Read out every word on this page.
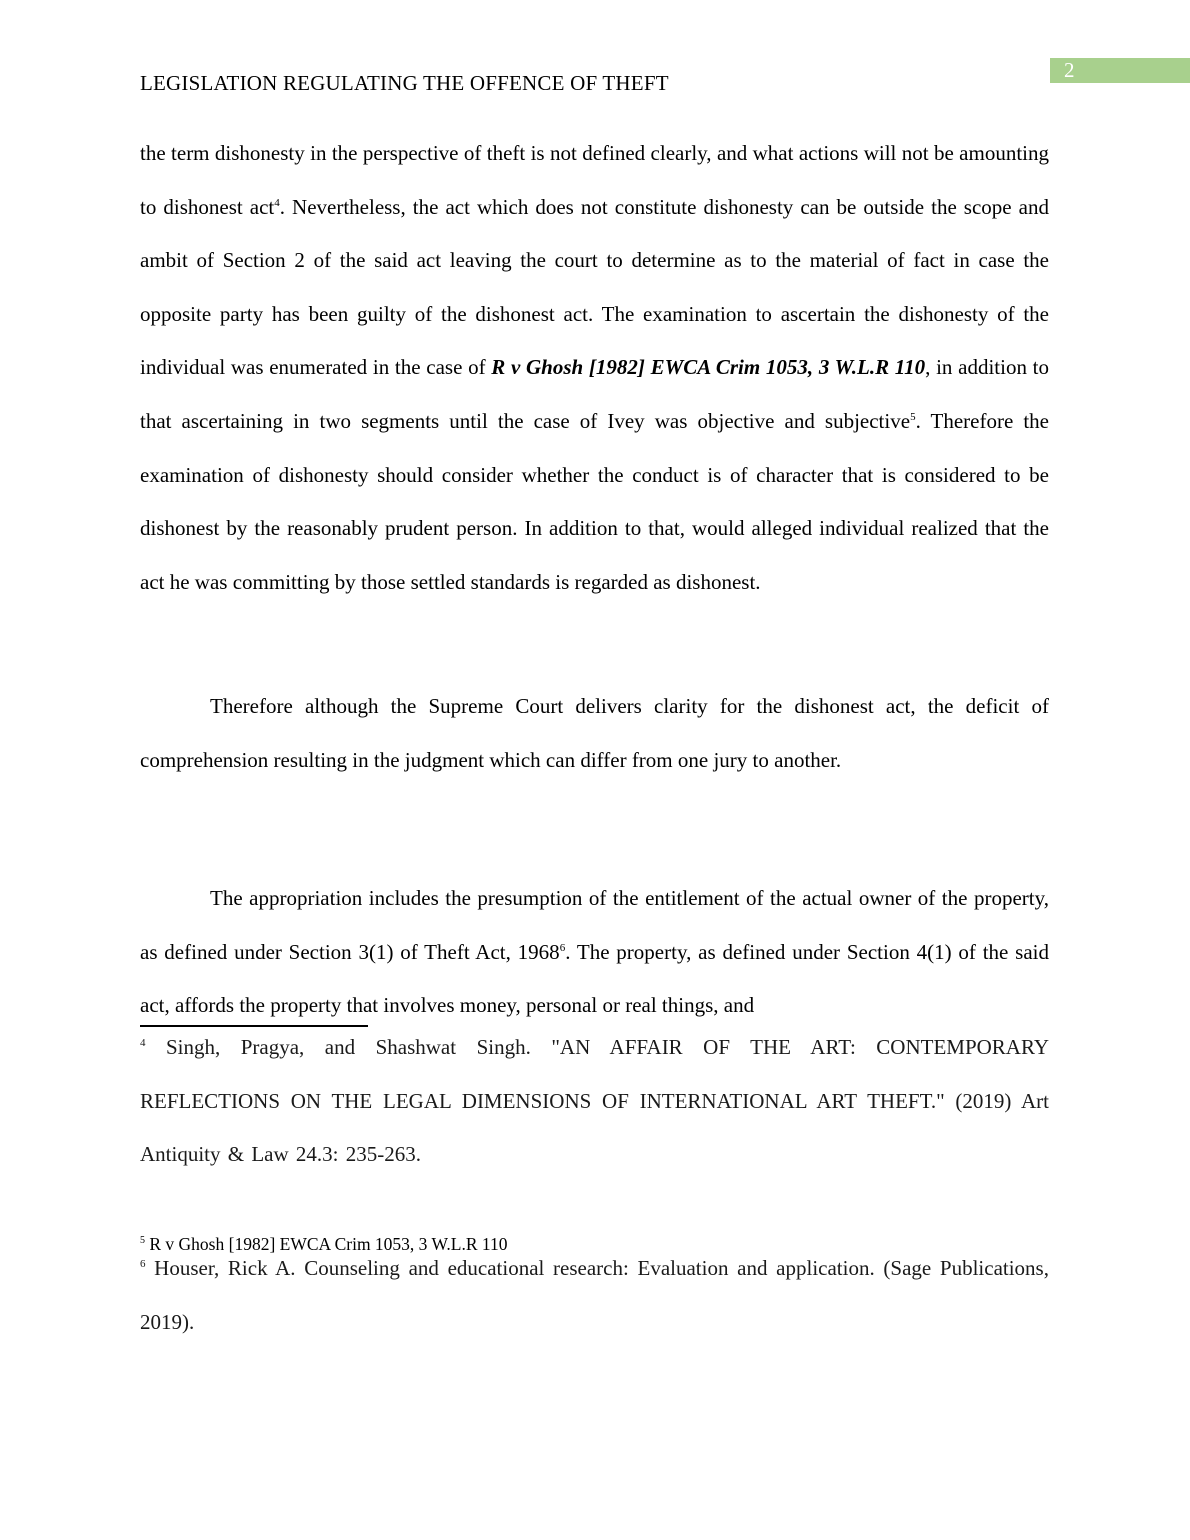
LEGISLATION REGULATING THE OFFENCE OF THEFT
2

the term dishonesty in the perspective of theft is not defined clearly, and what actions will not be amounting to dishonest act$^4$. Nevertheless, the act which does not constitute dishonesty can be outside the scope and ambit of Section 2 of the said act leaving the court to determine as to the material of fact in case the opposite party has been guilty of the dishonest act. The examination to ascertain the dishonesty of the individual was enumerated in the case of R v Ghosh [1982] EWCA Crim 1053, 3 W.L.R 110, in addition to that ascertaining in two segments until the case of Ivey was objective and subjective$^5$. Therefore the examination of dishonesty should consider whether the conduct is of character that is considered to be dishonest by the reasonably prudent person. In addition to that, would alleged individual realized that the act he was committing by those settled standards is regarded as dishonest.

Therefore although the Supreme Court delivers clarity for the dishonest act, the deficit of comprehension resulting in the judgment which can differ from one jury to another.

The appropriation includes the presumption of the entitlement of the actual owner of the property, as defined under Section 3(1) of Theft Act, 1968$^6$. The property, as defined under Section 4(1) of the said act, affords the property that involves money, personal or real things, and

$^4$ Singh, Pragya, and Shashwat Singh. "AN AFFAIR OF THE ART: CONTEMPORARY REFLECTIONS ON THE LEGAL DIMENSIONS OF INTERNATIONAL ART THEFT." (2019) Art Antiquity & Law 24.3: 235-263.

$^5$ R v Ghosh [1982] EWCA Crim 1053, 3 W.L.R 110

$^6$ Houser, Rick A. Counseling and educational research: Evaluation and application. (Sage Publications, 2019).
